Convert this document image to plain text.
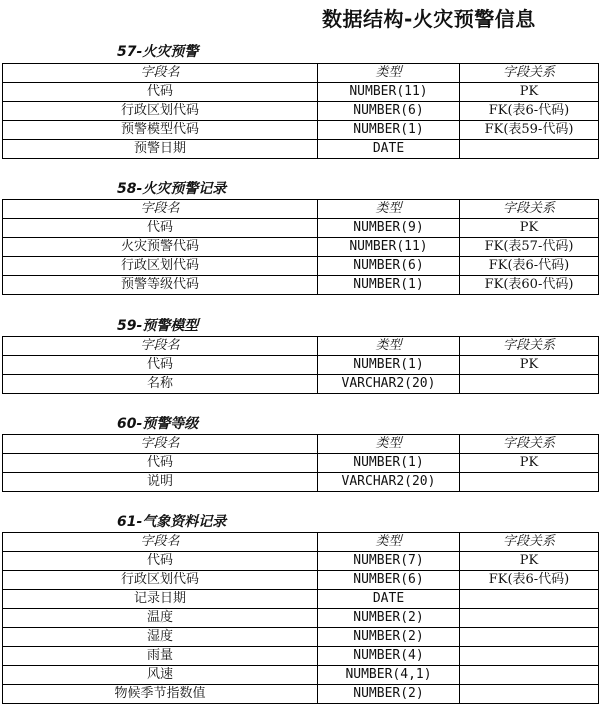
数据结构-火灾预警信息
57-火灾预警
字段名	类型	字段关系
代码	NUMBER(11)	PK
行政区划代码	NUMBER(6)	FK(表6-代码)
预警模型代码	NUMBER(1)	FK(表59-代码)
预警日期	DATE	
58-火灾预警记录
字段名	类型	字段关系
代码	NUMBER(9)	PK
火灾预警代码	NUMBER(11)	FK(表57-代码)
行政区划代码	NUMBER(6)	FK(表6-代码)
预警等级代码	NUMBER(1)	FK(表60-代码)
59-预警模型
字段名	类型	字段关系
代码	NUMBER(1)	PK
名称	VARCHAR2(20)	
60-预警等级
字段名	类型	字段关系
代码	NUMBER(1)	PK
说明	VARCHAR2(20)	
61-气象资料记录
字段名	类型	字段关系
代码	NUMBER(7)	PK
行政区划代码	NUMBER(6)	FK(表6-代码)
记录日期	DATE	
温度	NUMBER(2)	
湿度	NUMBER(2)	
雨量	NUMBER(4)	
风速	NUMBER(4,1)	
物候季节指数值	NUMBER(2)	
